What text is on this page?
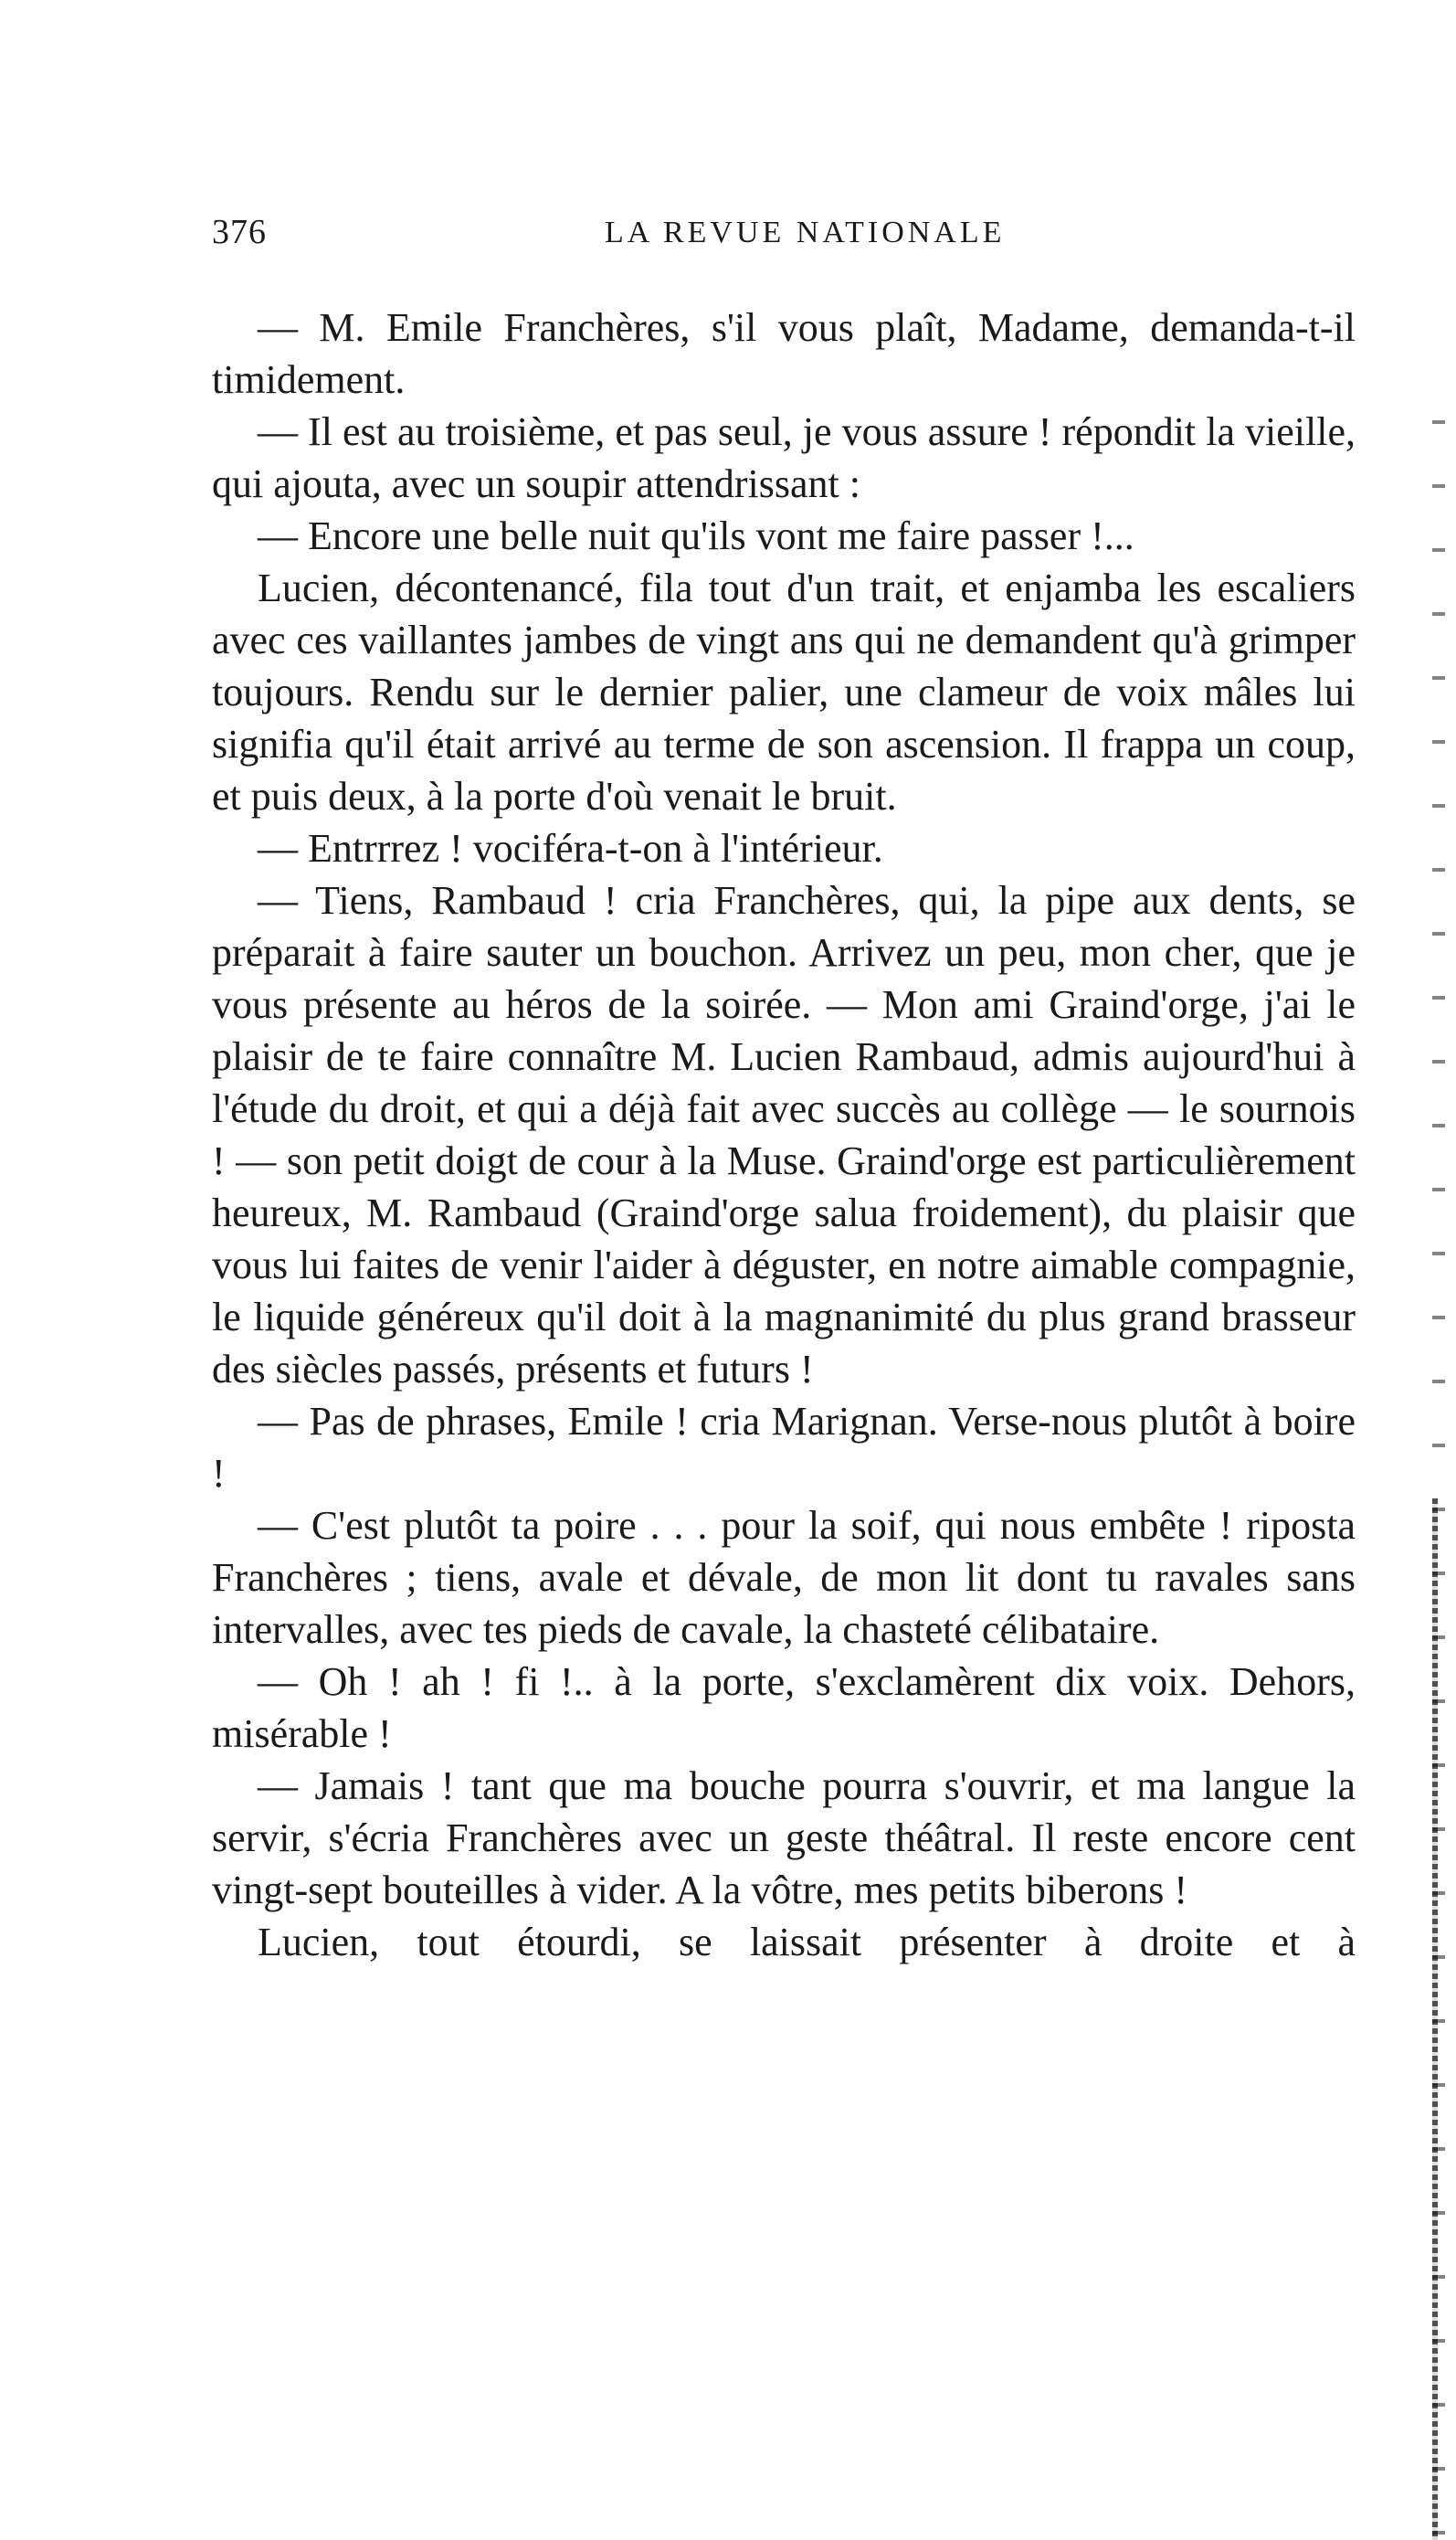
376	LA REVUE NATIONALE

— M. Emile Franchères, s'il vous plaît, Madame, demanda-t-il timidement.

— Il est au troisième, et pas seul, je vous assure ! répondit la vieille, qui ajouta, avec un soupir attendrissant :

— Encore une belle nuit qu'ils vont me faire passer !...

Lucien, décontenancé, fila tout d'un trait, et enjamba les escaliers avec ces vaillantes jambes de vingt ans qui ne demandent qu'à grimper toujours. Rendu sur le dernier palier, une clameur de voix mâles lui signifia qu'il était arrivé au terme de son ascension. Il frappa un coup, et puis deux, à la porte d'où venait le bruit.

— Entrrrez ! vociféra-t-on à l'intérieur.

— Tiens, Rambaud ! cria Franchères, qui, la pipe aux dents, se préparait à faire sauter un bouchon. Arrivez un peu, mon cher, que je vous présente au héros de la soirée. — Mon ami Graind'orge, j'ai le plaisir de te faire connaître M. Lucien Rambaud, admis aujourd'hui à l'étude du droit, et qui a déjà fait avec succès au collège — le sournois ! — son petit doigt de cour à la Muse. Graind'orge est particulièrement heureux, M. Rambaud (Graind'orge salua froidement), du plaisir que vous lui faites de venir l'aider à déguster, en notre aimable compagnie, le liquide généreux qu'il doit à la magnanimité du plus grand brasseur des siècles passés, présents et futurs !

— Pas de phrases, Emile ! cria Marignan. Verse-nous plutôt à boire !

— C'est plutôt ta poire . . . pour la soif, qui nous embête ! riposta Franchères ; tiens, avale et dévale, de mon lit dont tu ravales sans intervalles, avec tes pieds de cavale, la chasteté célibataire.

— Oh ! ah ! fi !.. à la porte, s'exclamèrent dix voix. Dehors, misérable !

— Jamais ! tant que ma bouche pourra s'ouvrir, et ma langue la servir, s'écria Franchères avec un geste théâtral. Il reste encore cent vingt-sept bouteilles à vider. A la vôtre, mes petits biberons !

Lucien, tout étourdi, se laissait présenter à droite et à
